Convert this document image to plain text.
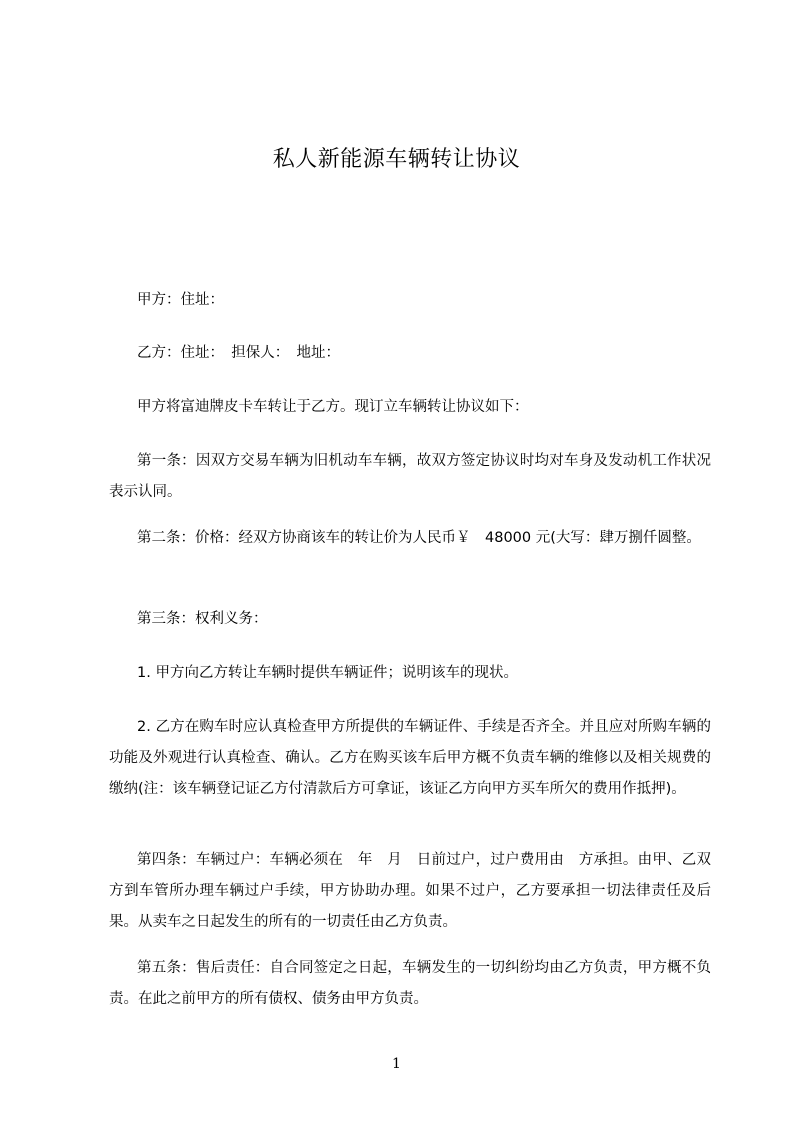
私人新能源车辆转让协议
甲方：住址：
乙方：住址：　担保人：　地址：
甲方将富迪牌皮卡车转让于乙方。现订立车辆转让协议如下：
第一条：因双方交易车辆为旧机动车车辆，故双方签定协议时均对车身及发动机工作状况表示认同。
第二条：价格：经双方协商该车的转让价为人民币￥　48000 元(大写：肆万捌仟圆整。
第三条：权利义务：
1. 甲方向乙方转让车辆时提供车辆证件；说明该车的现状。
2. 乙方在购车时应认真检查甲方所提供的车辆证件、手续是否齐全。并且应对所购车辆的功能及外观进行认真检查、确认。乙方在购买该车后甲方概不负责车辆的维修以及相关规费的缴纳(注：该车辆登记证乙方付清款后方可拿证，该证乙方向甲方买车所欠的费用作抵押)。
第四条：车辆过户：车辆必须在　年　月　日前过户，过户费用由　方承担。由甲、乙双方到车管所办理车辆过户手续，甲方协助办理。如果不过户，乙方要承担一切法律责任及后果。从卖车之日起发生的所有的一切责任由乙方负责。
第五条：售后责任：自合同签定之日起，车辆发生的一切纠纷均由乙方负责，甲方概不负责。在此之前甲方的所有债权、债务由甲方负责。
1
